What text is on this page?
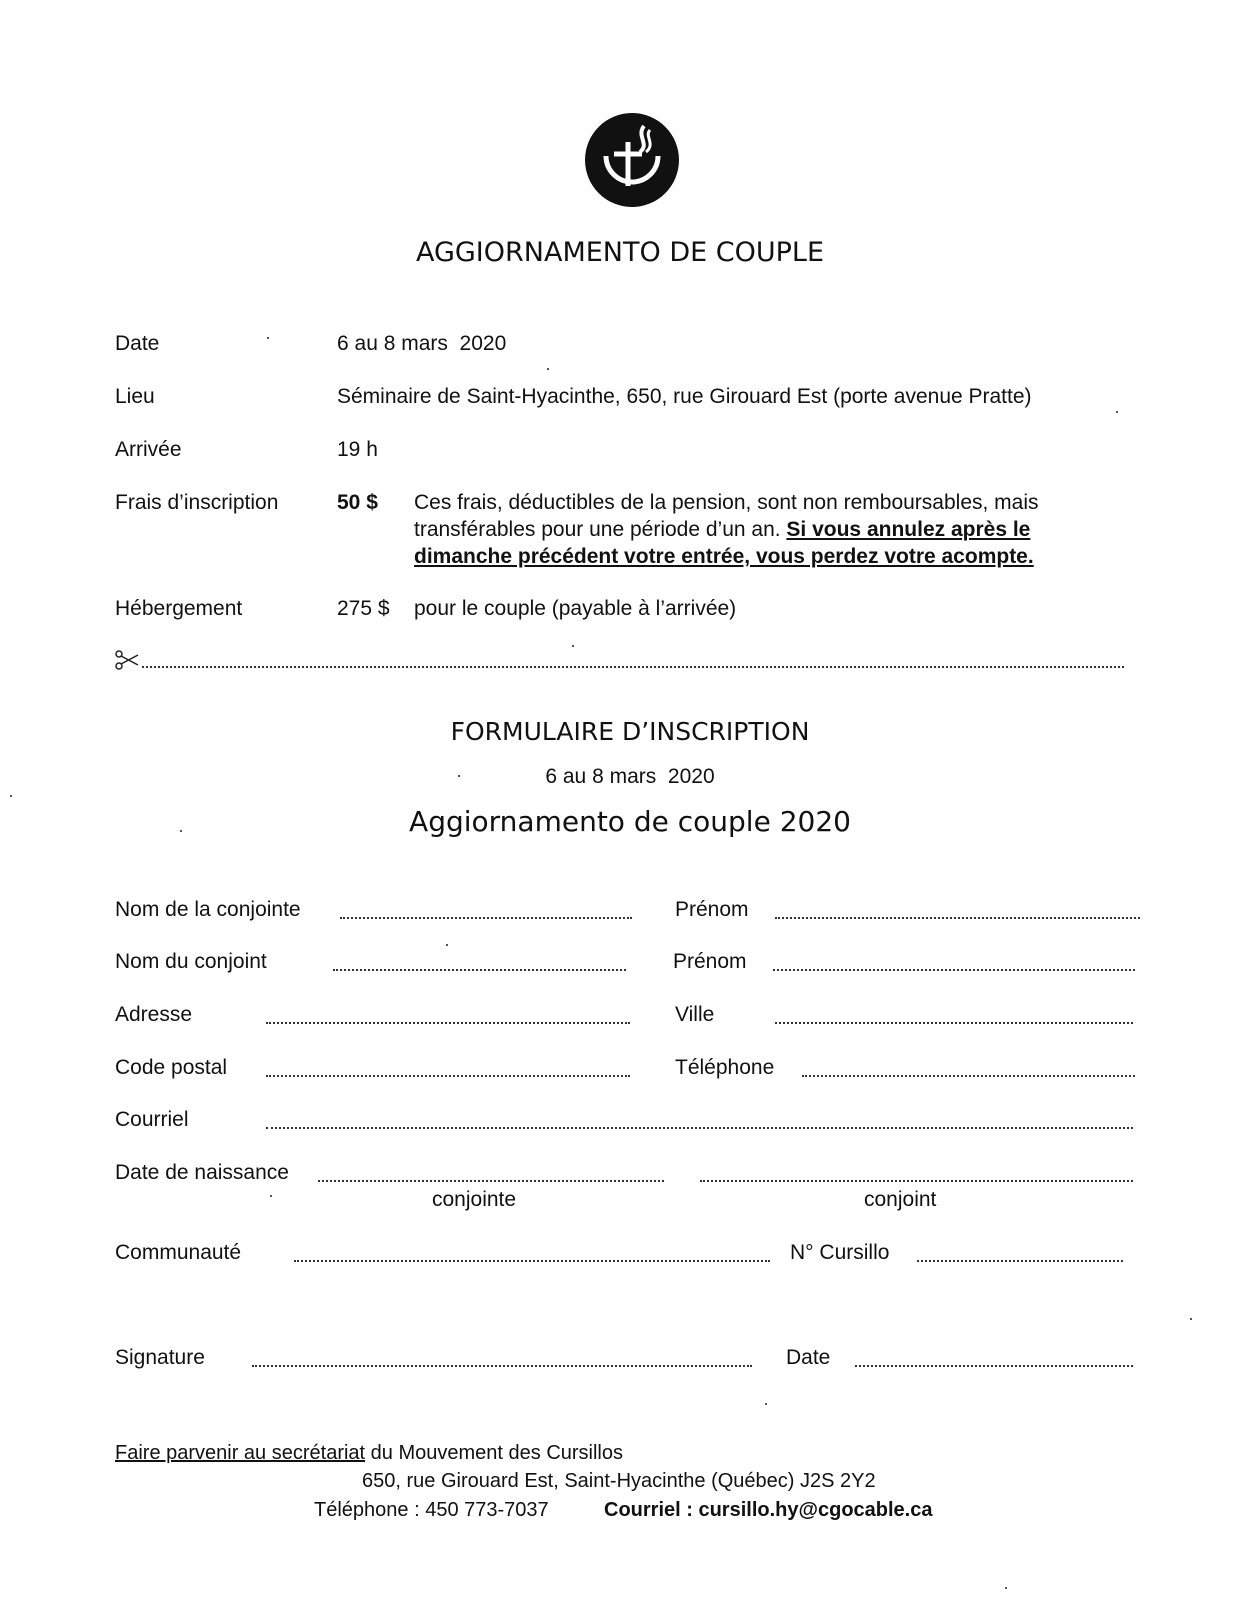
AGGIORNAMENTO DE COUPLE
Date	6 au 8 mars  2020
Lieu	Séminaire de Saint-Hyacinthe, 650, rue Girouard Est (porte avenue Pratte)
Arrivée	19 h
Frais d’inscription	50 $ Ces frais, déductibles de la pension, sont non remboursables, mais
transférables pour une période d’un an. Si vous annulez après le
dimanche précédent votre entrée, vous perdez votre acompte.
Hébergement	275 $ pour le couple (payable à l’arrivée)
FORMULAIRE D’INSCRIPTION
6 au 8 mars  2020
Aggiornamento de couple 2020
Nom de la conjointe	Prénom
Nom du conjoint	Prénom
Adresse	Ville
Code postal	Téléphone
Courriel
Date de naissance
conjointe	conjoint
Communauté	N° Cursillo
Signature	Date
Faire parvenir au secrétariat du Mouvement des Cursillos
650, rue Girouard Est, Saint-Hyacinthe (Québec) J2S 2Y2
Téléphone : 450 773-7037	Courriel : cursillo.hy@cgocable.ca
